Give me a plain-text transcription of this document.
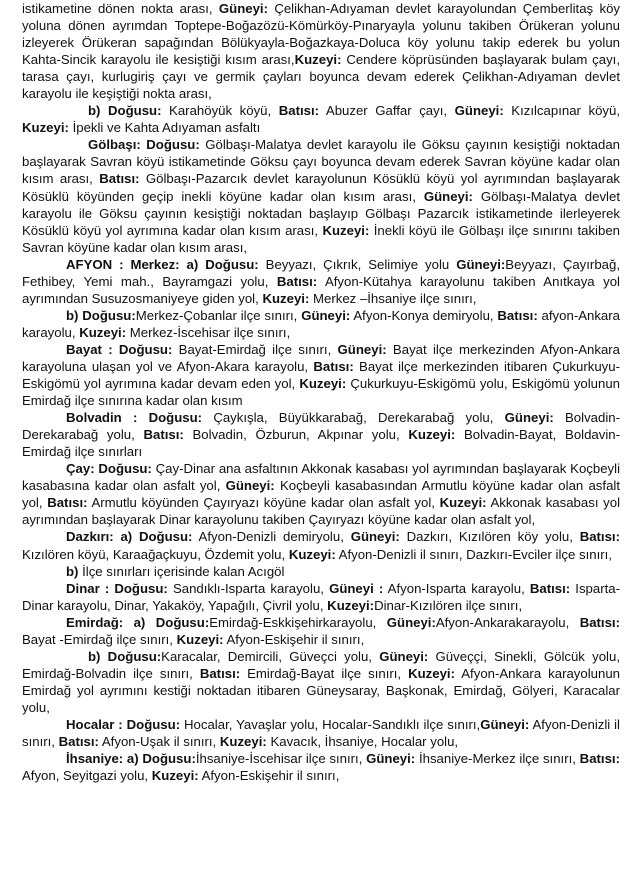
istikametine dönen nokta arası, Güneyi: Çelikhan-Adıyaman devlet karayolundan Çemberlitaş köy yoluna dönen ayrımdan Toptepe-Boğazözü-Kömürköy-Pınaryayla yolunu takiben Örükeran yolunu izleyerek Örükeran sapağından Bölükyayla-Boğazkaya-Doluca köy yolunu takip ederek bu yolun Kahta-Sincik karayolu ile kesiştiği kısım arası,Kuzeyi: Cendere köprüsünden başlayarak bulam çayı, tarasa çayı, kurlugiriş çayı ve germik çayları boyunca devam ederek Çelikhan-Adıyaman devlet karayolu ile keşiştiği nokta arası,

b) Doğusu: Karahöyük köyü, Batısı: Abuzer Gaffar çayı, Güneyi: Kızılcapınar köyü, Kuzeyi: İpekli ve Kahta Adıyaman asfaltı

Gölbaşı: Doğusu: Gölbaşı-Malatya devlet karayolu ile Göksu çayının kesiştiği noktadan başlayarak Savran köyü istikametinde Göksu çayı boyunca devam ederek Savran köyüne kadar olan kısım arası, Batısı: Gölbaşı-Pazarcık devlet karayolunun Kösüklü köyü yol ayrımından başlayarak Kösüklü köyünden geçip inekli köyüne kadar olan kısım arası, Güneyi: Gölbaşı-Malatya devlet karayolu ile Göksu çayının kesiştiği noktadan başlayıp Gölbaşı Pazarcık istikametinde ilerleyerek Kösüklü köyü yol ayrımına kadar olan kısım arası, Kuzeyi: İnekli köyü ile Gölbaşı ilçe sınırını takiben Savran köyüne kadar olan kısım arası,

AFYON : Merkez: a) Doğusu: Beyyazı, Çıkrık, Selimiye yolu Güneyi:Beyyazı, Çayırbağ, Fethibey, Yemi mah., Bayramgazi yolu, Batısı: Afyon-Kütahya karayolunu takiben Anıtkaya yol ayrımından Susuzosmaniyeye giden yol, Kuzeyi: Merkez –İhsaniye ilçe sınırı,

b) Doğusu:Merkez-Çobanlar ilçe sınırı, Güneyi: Afyon-Konya demiryolu, Batısı: afyon-Ankara karayolu, Kuzeyi: Merkez-İscehisar ilçe sınırı,

Bayat : Doğusu: Bayat-Emirdağ ilçe sınırı, Güneyi: Bayat ilçe merkezinden Afyon-Ankara karayoluna ulaşan yol ve Afyon-Akara karayolu, Batısı: Bayat ilçe merkezinden itibaren Çukurkuyu-Eskigömü yol ayrımına kadar devam eden yol, Kuzeyi: Çukurkuyu-Eskigömü yolu, Eskigömü yolunun Emirdağ ilçe sınırına kadar olan kısım

Bolvadin : Doğusu: Çaykışla, Büyükkarabağ, Derekarabağ yolu, Güneyi: Bolvadin-Derekarabağ yolu, Batısı: Bolvadin, Özburun, Akpınar yolu, Kuzeyi: Bolvadin-Bayat, Boldavin-Emirdağ ilçe sınırları

Çay: Doğusu: Çay-Dinar ana asfaltının Akkonak kasabası yol ayrımından başlayarak Koçbeyli kasabasına kadar olan asfalt yol, Güneyi: Koçbeyli kasabasından Armutlu köyüne kadar olan asfalt yol, Batısı: Armutlu köyünden Çayıryazı köyüne kadar olan asfalt yol, Kuzeyi: Akkonak kasabası yol ayrımından başlayarak Dinar karayolunu takiben Çayıryazı köyüne kadar olan asfalt yol,

Dazkırı: a) Doğusu: Afyon-Denizli demiryolu, Güneyi: Dazkırı, Kızılören köy yolu, Batısı: Kızılören köyü, Karaağaçkuyu, Özdemit yolu, Kuzeyi: Afyon-Denizli il sınırı, Dazkırı-Evciler ilçe sınırı,

b) İlçe sınırları içerisinde kalan Acıgöl

Dinar : Doğusu: Sandıklı-Isparta karayolu, Güneyi : Afyon-Isparta karayolu, Batısı: Isparta-Dinar karayolu, Dinar, Yakaköy, Yapağılı, Çivril yolu, Kuzeyi:Dinar-Kızılören ilçe sınırı,

Emirdağ: a) Doğusu:Emirdağ-Eskkişehirkarayolu, Güneyi:Afyon-Ankarakarayolu, Batısı: Bayat -Emirdağ ilçe sınırı, Kuzeyi: Afyon-Eskişehir il sınırı,

b) Doğusu:Karacalar, Demircili, Güveçci yolu, Güneyi: Güveççi, Sinekli, Gölcük yolu, Emirdağ-Bolvadin ilçe sınırı, Batısı: Emirdağ-Bayat ilçe sınırı, Kuzeyi: Afyon-Ankara karayolunun Emirdağ yol ayrımını kestiği noktadan itibaren Güneysaray, Başkonak, Emirdağ, Gölyeri, Karacalar yolu,

Hocalar : Doğusu: Hocalar, Yavaşlar yolu, Hocalar-Sandıklı ilçe sınırı,Güneyi: Afyon-Denizli il sınırı, Batısı: Afyon-Uşak il sınırı, Kuzeyi: Kavacık, İhsaniye, Hocalar yolu,

İhsaniye: a) Doğusu:İhsaniye-İscehisar ilçe sınırı, Güneyi: İhsaniye-Merkez ilçe sınırı, Batısı: Afyon, Seyitgazi yolu, Kuzeyi: Afyon-Eskişehir il sınırı,
